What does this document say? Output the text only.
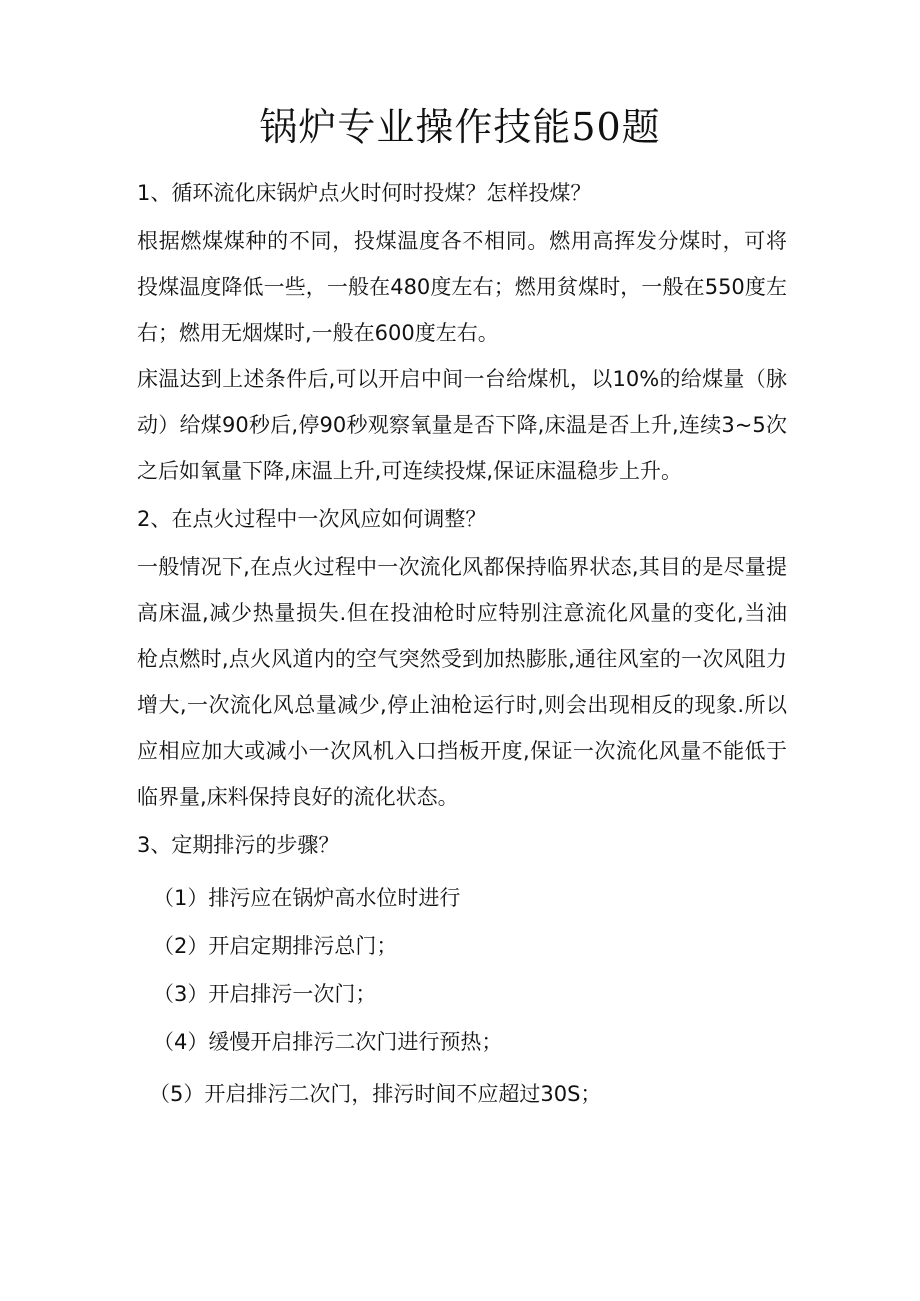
锅炉专业操作技能50题

1、循环流化床锅炉点火时何时投煤？怎样投煤？

根据燃煤煤种的不同，投煤温度各不相同。燃用高挥发分煤时，可将投煤温度降低一些，一般在480度左右；燃用贫煤时，一般在550度左右；燃用无烟煤时,一般在600度左右。

床温达到上述条件后,可以开启中间一台给煤机，以10%的给煤量（脉动）给煤90秒后,停90秒观察氧量是否下降,床温是否上升,连续3~5次之后如氧量下降,床温上升,可连续投煤,保证床温稳步上升。

2、在点火过程中一次风应如何调整？

一般情况下,在点火过程中一次流化风都保持临界状态,其目的是尽量提高床温,减少热量损失.但在投油枪时应特别注意流化风量的变化,当油枪点燃时,点火风道内的空气突然受到加热膨胀,通往风室的一次风阻力增大,一次流化风总量减少,停止油枪运行时,则会出现相反的现象.所以应相应加大或减小一次风机入口挡板开度,保证一次流化风量不能低于临界量,床料保持良好的流化状态。

3、定期排污的步骤？

（1）排污应在锅炉高水位时进行
（2）开启定期排污总门；
（3）开启排污一次门；
（4）缓慢开启排污二次门进行预热；
（5）开启排污二次门，排污时间不应超过30S；
